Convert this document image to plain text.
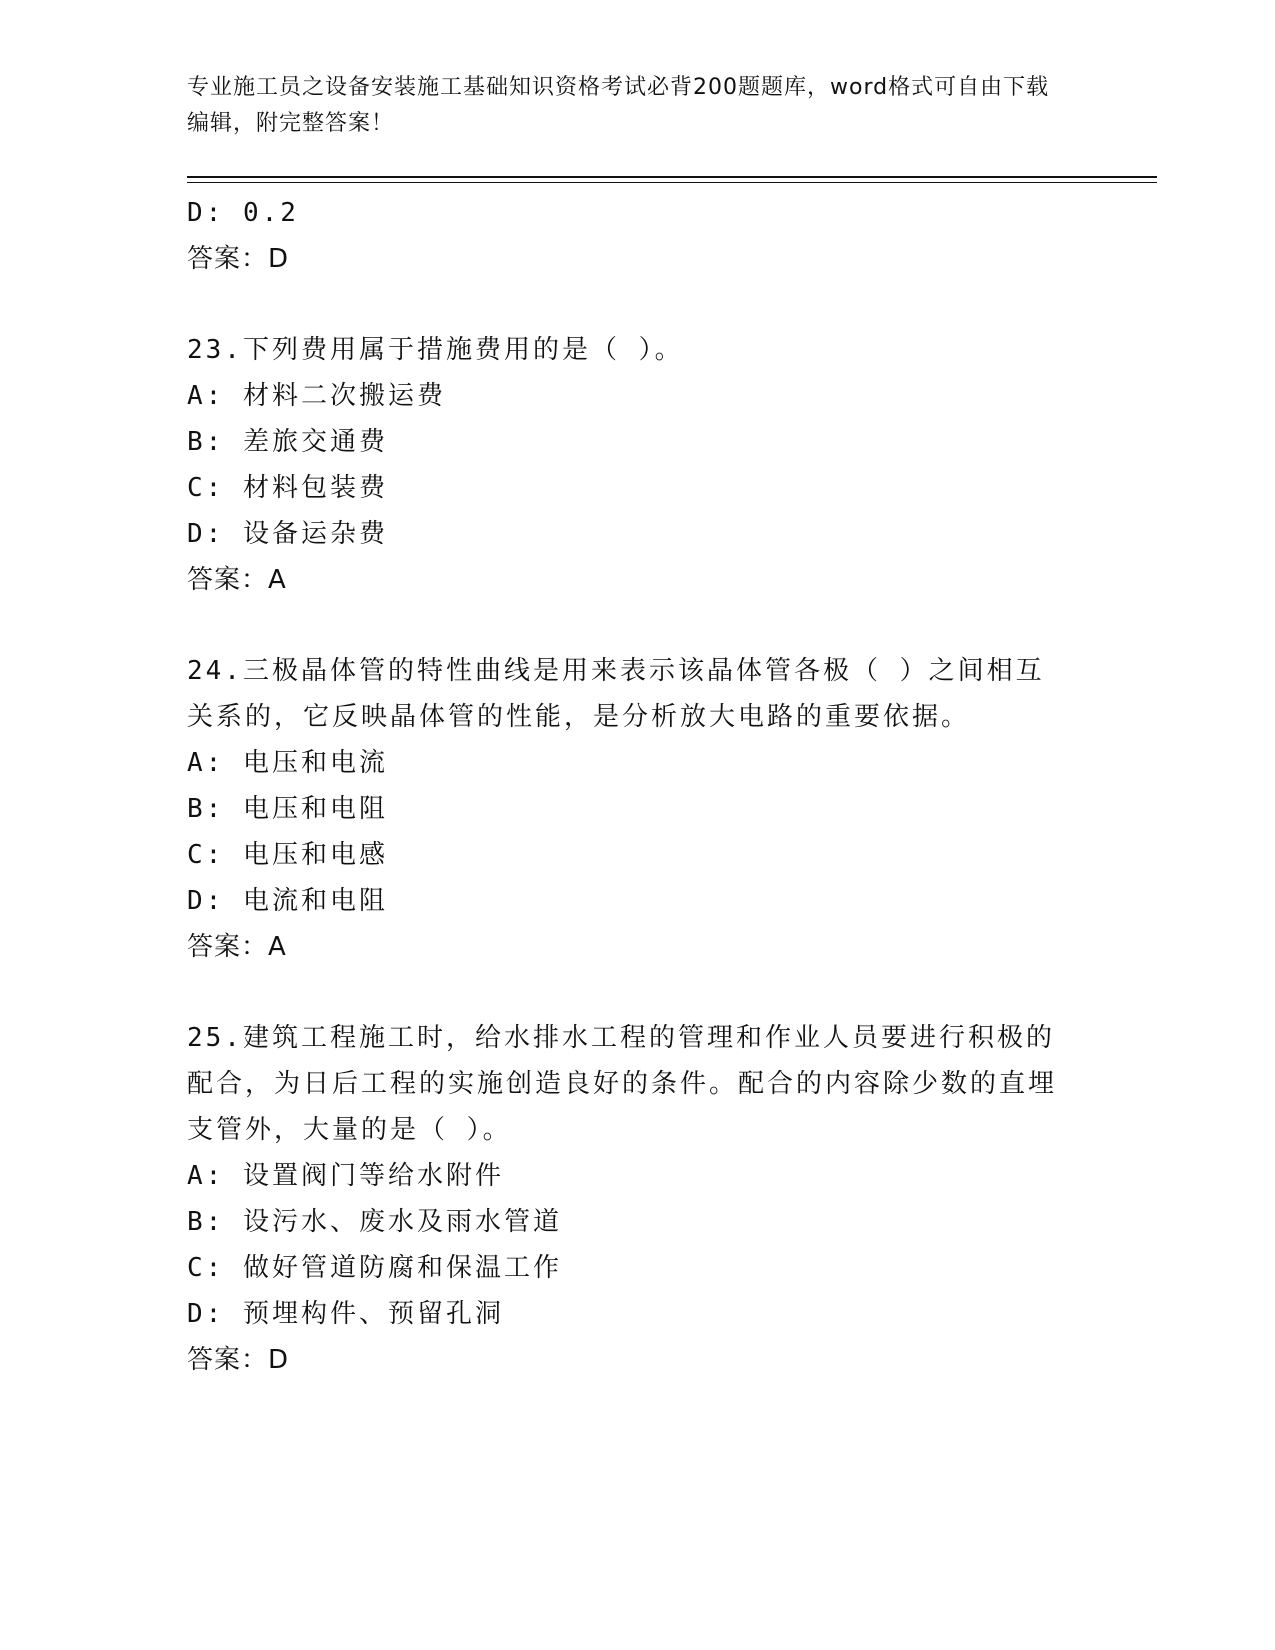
专业施工员之设备安装施工基础知识资格考试必背200题题库，word格式可自由下载编辑，附完整答案！
D: 0.2
答案：D
23.下列费用属于措施费用的是（ ）。
A: 材料二次搬运费
B: 差旅交通费
C: 材料包装费
D: 设备运杂费
答案：A
24.三极晶体管的特性曲线是用来表示该晶体管各极（ ）之间相互关系的，它反映晶体管的性能，是分析放大电路的重要依据。
A: 电压和电流
B: 电压和电阻
C: 电压和电感
D: 电流和电阻
答案：A
25.建筑工程施工时，给水排水工程的管理和作业人员要进行积极的配合，为日后工程的实施创造良好的条件。配合的内容除少数的直埋支管外，大量的是（ ）。
A: 设置阀门等给水附件
B: 设污水、废水及雨水管道
C: 做好管道防腐和保温工作
D: 预埋构件、预留孔洞
答案：D
